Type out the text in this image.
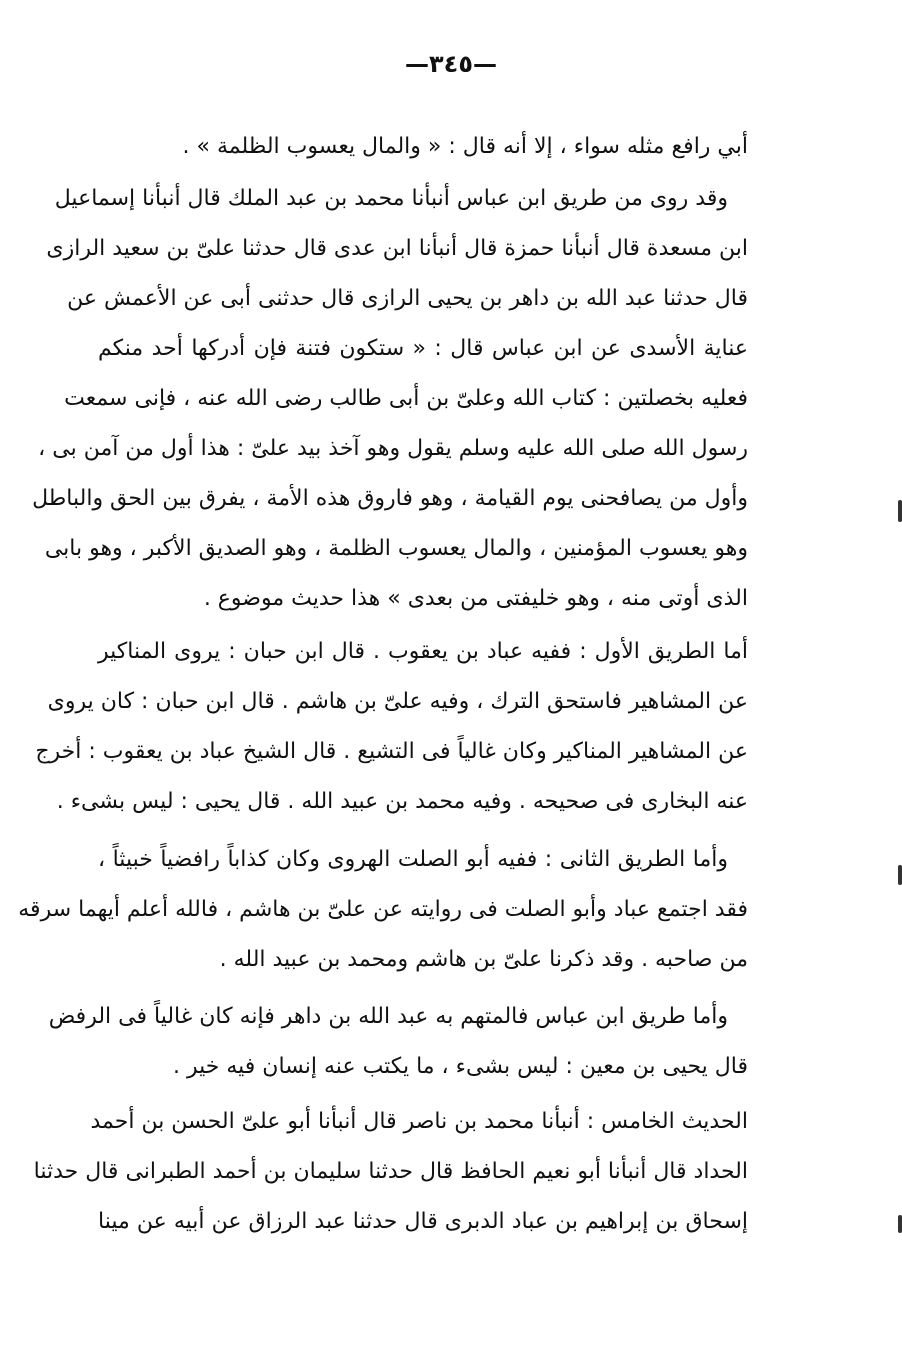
—٣٤٥—
أبي رافع مثله سواء ، إلا أنه قال : « والمال يعسوب الظلمة » .
وقد روى من طريق ابن عباس أنبأنا محمد بن عبد الملك قال أنبأنا إسماعيل
ابن مسعدة قال أنبأنا حمزة قال أنبأنا ابن عدى قال حدثنا علىّ بن سعيد الرازى
قال حدثنا عبد الله بن داهر بن يحيى الرازى قال حدثنى أبى عن الأعمش عن
عناية الأسدى عن ابن عباس قال : « ستكون فتنة فإن أدركها أحد منكم
فعليه بخصلتين : كتاب الله وعلىّ بن أبى طالب رضى الله عنه ، فإنى سمعت
رسول الله صلى الله عليه وسلم يقول وهو آخذ بيد علىّ : هذا أول من آمن بى ،
وأول من يصافحنى يوم القيامة ، وهو فاروق هذه الأمة ، يفرق بين الحق والباطل
وهو يعسوب المؤمنين ، والمال يعسوب الظلمة ، وهو الصديق الأكبر ، وهو بابى
الذى أوتى منه ، وهو خليفتى من بعدى » هذا حديث موضوع .
أما الطريق الأول : ففيه عباد بن يعقوب . قال ابن حبان : يروى المناكير
عن المشاهير فاستحق الترك ، وفيه علىّ بن هاشم . قال ابن حبان : كان يروى
عن المشاهير المناكير وكان غالياً فى التشيع . قال الشيخ عباد بن يعقوب : أخرج
عنه البخارى فى صحيحه . وفيه محمد بن عبيد الله . قال يحيى : ليس بشىء .
وأما الطريق الثانى : ففيه أبو الصلت الهروى وكان كذاباً رافضياً خبيثاً ،
فقد اجتمع عباد وأبو الصلت فى روايته عن علىّ بن هاشم ، فالله أعلم أيهما سرقه
من صاحبه . وقد ذكرنا علىّ بن هاشم ومحمد بن عبيد الله .
وأما طريق ابن عباس فالمتهم به عبد الله بن داهر فإنه كان غالياً فى الرفض
قال يحيى بن معين : ليس بشىء ، ما يكتب عنه إنسان فيه خير .
الحديث الخامس : أنبأنا محمد بن ناصر قال أنبأنا أبو علىّ الحسن بن أحمد
الحداد قال أنبأنا أبو نعيم الحافظ قال حدثنا سليمان بن أحمد الطبرانى قال حدثنا
إسحاق بن إبراهيم بن عباد الدبرى قال حدثنا عبد الرزاق عن أبيه عن مينا
